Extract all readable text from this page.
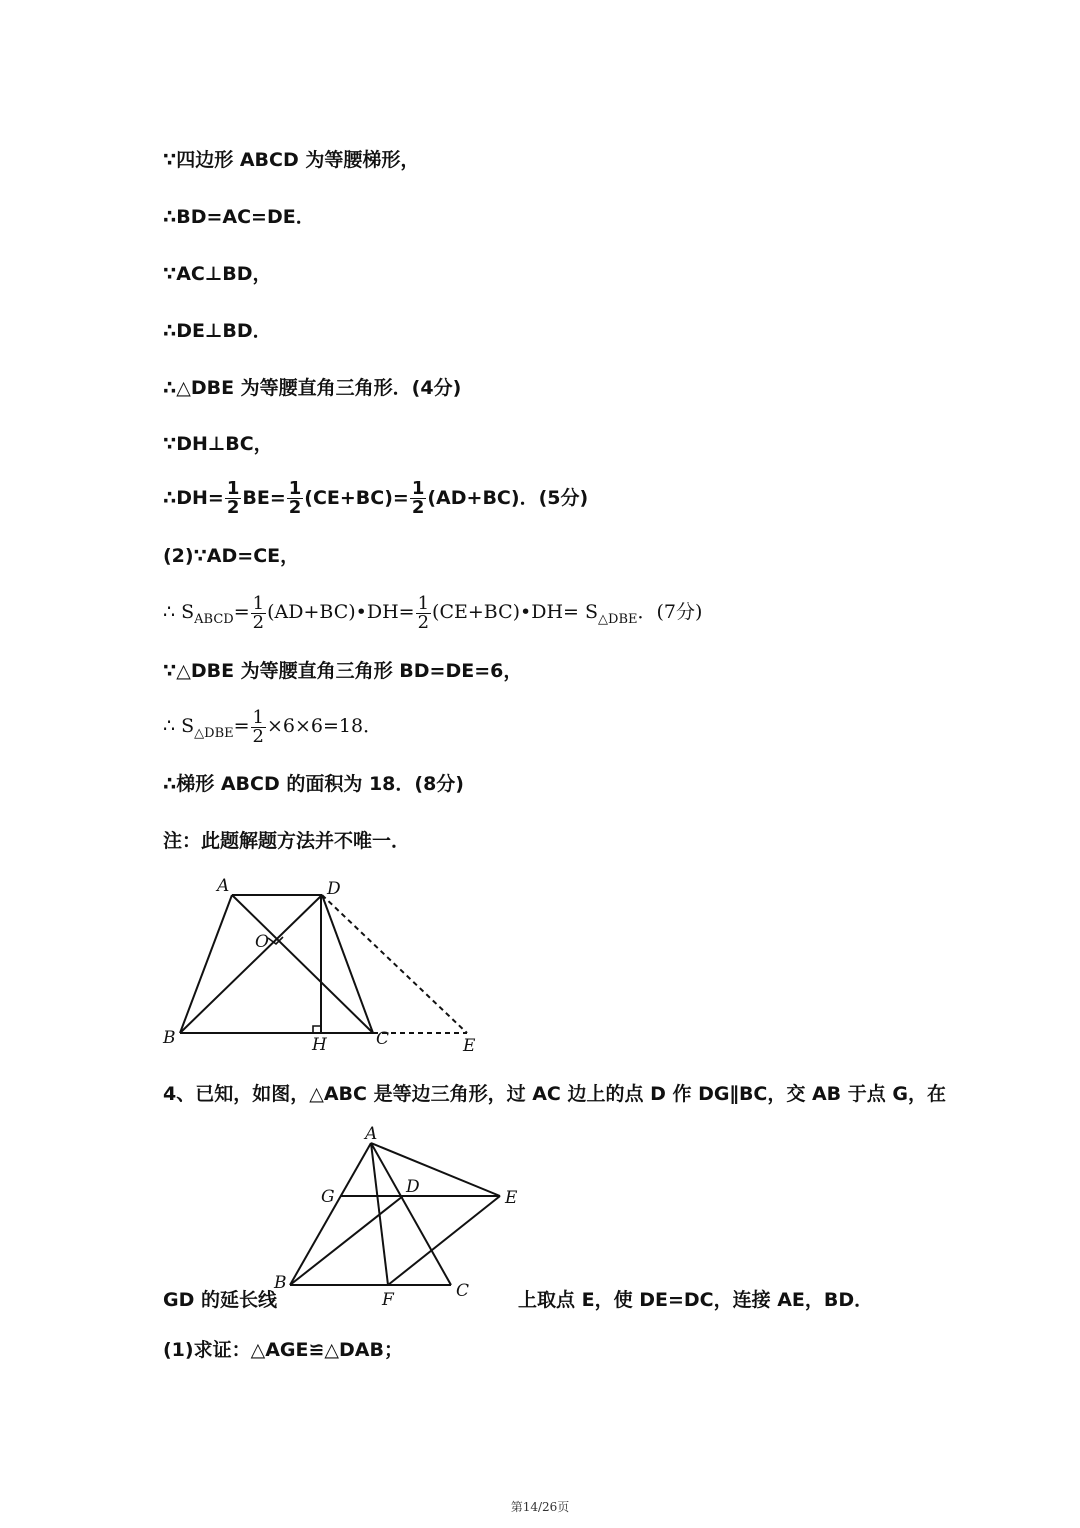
∵四边形 ABCD 为等腰梯形，
∴BD=AC=DE．
∵AC⊥BD，
∴DE⊥BD．
∴△DBE 为等腰直角三角形．(4分)
∵DH⊥BC，
∴DH= $\frac{1}{2} BE= \frac{1}{2} (CE+BC)= \frac{1}{2} (AD+BC)$．(5分)
(2)∵AD=CE，
∴ $S_{ABCD}= \frac{1}{2}$ (AD+BC)•DH= $\frac{1}{2}$ (CE+BC)•DH= $S_{\triangle DBE}$．(7分)
∵△DBE 为等腰直角三角形 BD=DE=6，
∴ $S_{\triangle DBE}= \frac{1}{2} \times 6\times 6=18$．
∴梯形 ABCD 的面积为 18．(8分)
注：此题解题方法并不唯一．
A	D
O
B	H	C	E
4、已知，如图，△ABC 是等边三角形，过 AC 边上的点 D 作 DG∥BC，交 AB 于点 G，在
A
G	D
E
B
F	C
GD 的延长线	上取点 E，使 DE=DC，连接 AE，BD．
(1)求证：△AGE≌△DAB；
第14/26页
